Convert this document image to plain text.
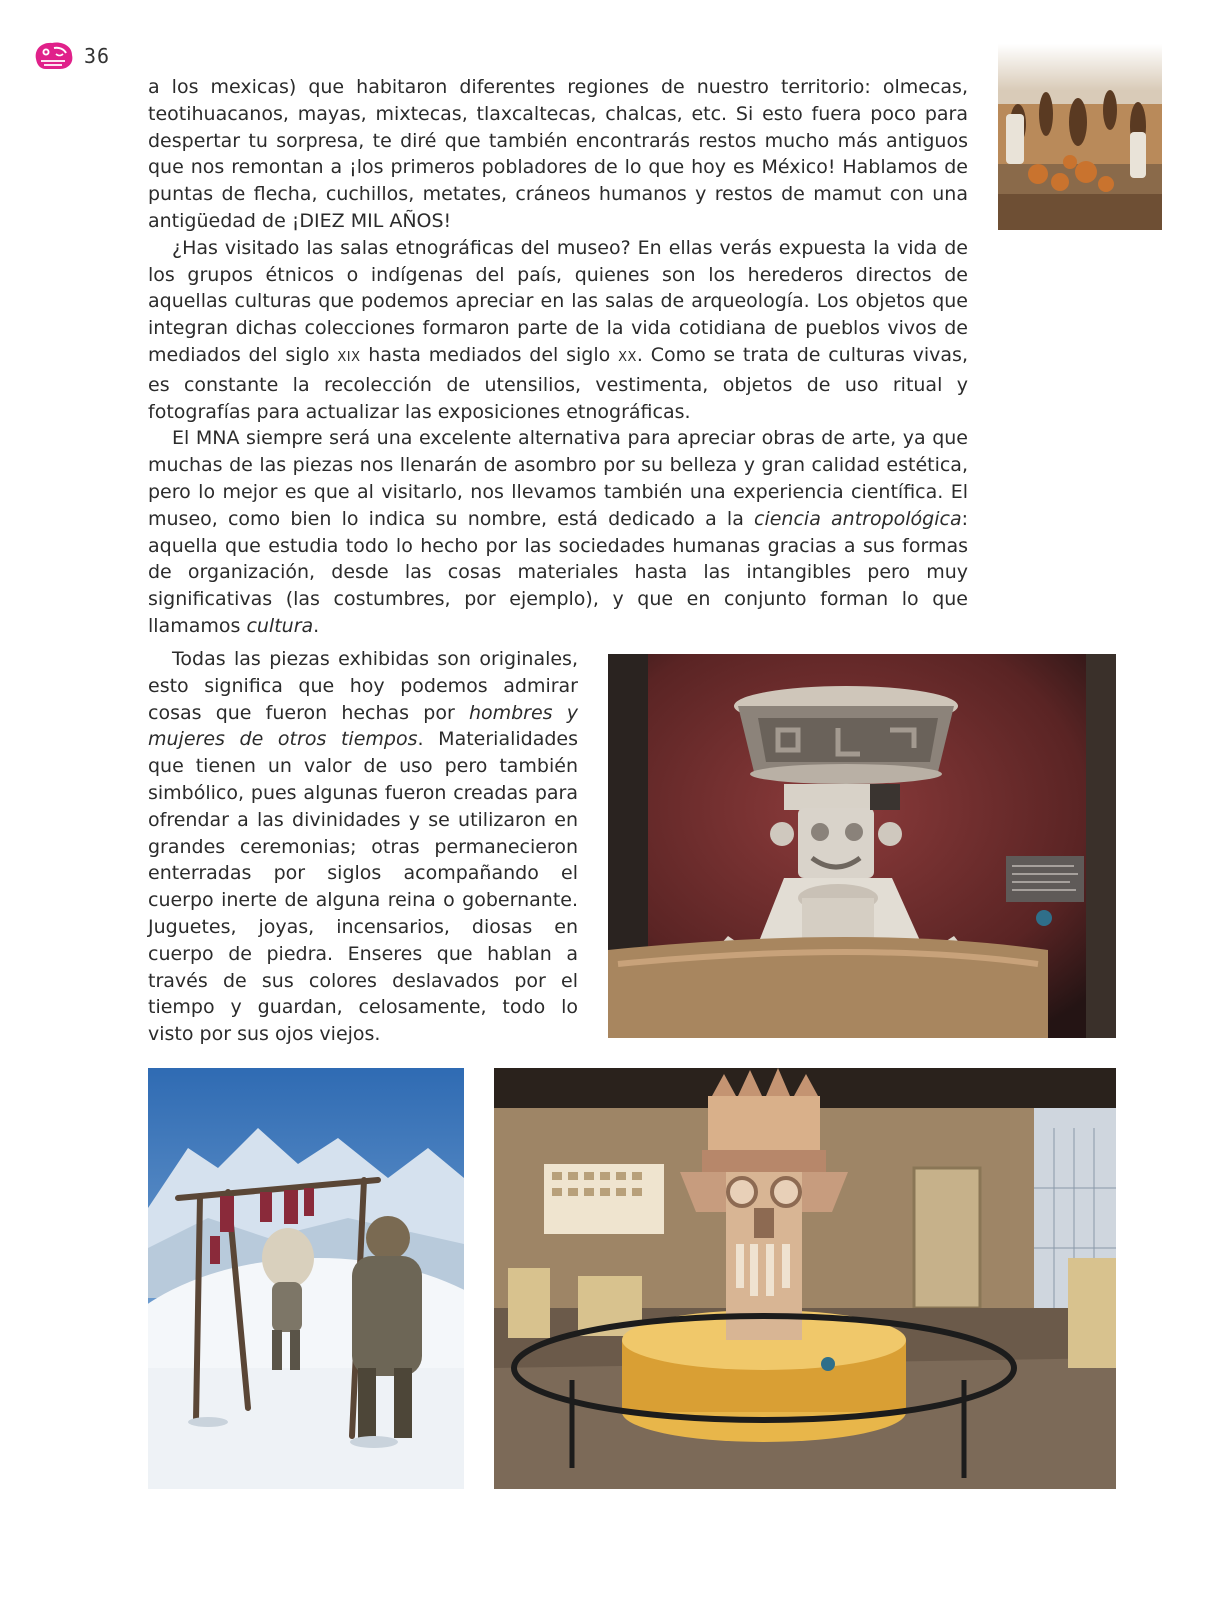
36

a los mexicas) que habitaron diferentes regiones de nuestro territorio: olmecas, teotihuacanos, mayas, mixtecas, tlaxcaltecas, chalcas, etc. Si esto fuera poco para despertar tu sorpresa, te diré que también encontrarás restos mucho más antiguos que nos remontan a ¡los primeros pobladores de lo que hoy es México! Hablamos de puntas de flecha, cuchillos, metates, cráneos humanos y restos de mamut con una antigüedad de ¡DIEZ MIL AÑOS!

¿Has visitado las salas etnográficas del museo? En ellas verás expuesta la vida de los grupos étnicos o indígenas del país, quienes son los herederos directos de aquellas culturas que podemos apreciar en las salas de arqueología. Los objetos que integran dichas colecciones formaron parte de la vida cotidiana de pueblos vivos de mediados del siglo XIX hasta mediados del siglo XX. Como se trata de culturas vivas, es constante la recolección de utensilios, vestimenta, objetos de uso ritual y fotografías para actualizar las exposiciones etnográficas.

El MNA siempre será una excelente alternativa para apreciar obras de arte, ya que muchas de las piezas nos llenarán de asombro por su belleza y gran calidad estética, pero lo mejor es que al visitarlo, nos llevamos también una experiencia científica. El museo, como bien lo indica su nombre, está dedicado a la ciencia antropológica: aquella que estudia todo lo hecho por las sociedades humanas gracias a sus formas de organización, desde las cosas materiales hasta las intangibles pero muy significativas (las costumbres, por ejemplo), y que en conjunto forman lo que llamamos cultura.

Todas las piezas exhibidas son originales, esto significa que hoy podemos admirar cosas que fueron hechas por hombres y mujeres de otros tiempos. Materialidades que tienen un valor de uso pero también simbólico, pues algunas fueron creadas para ofrendar a las divinidades y se utilizaron en grandes ceremonias; otras permanecieron enterradas por siglos acompañando el cuerpo inerte de alguna reina o gobernante. Juguetes, joyas, incensarios, diosas en cuerpo de piedra. Enseres que hablan a través de sus colores deslavados por el tiempo y guardan, celosamente, todo lo visto por sus ojos viejos.
